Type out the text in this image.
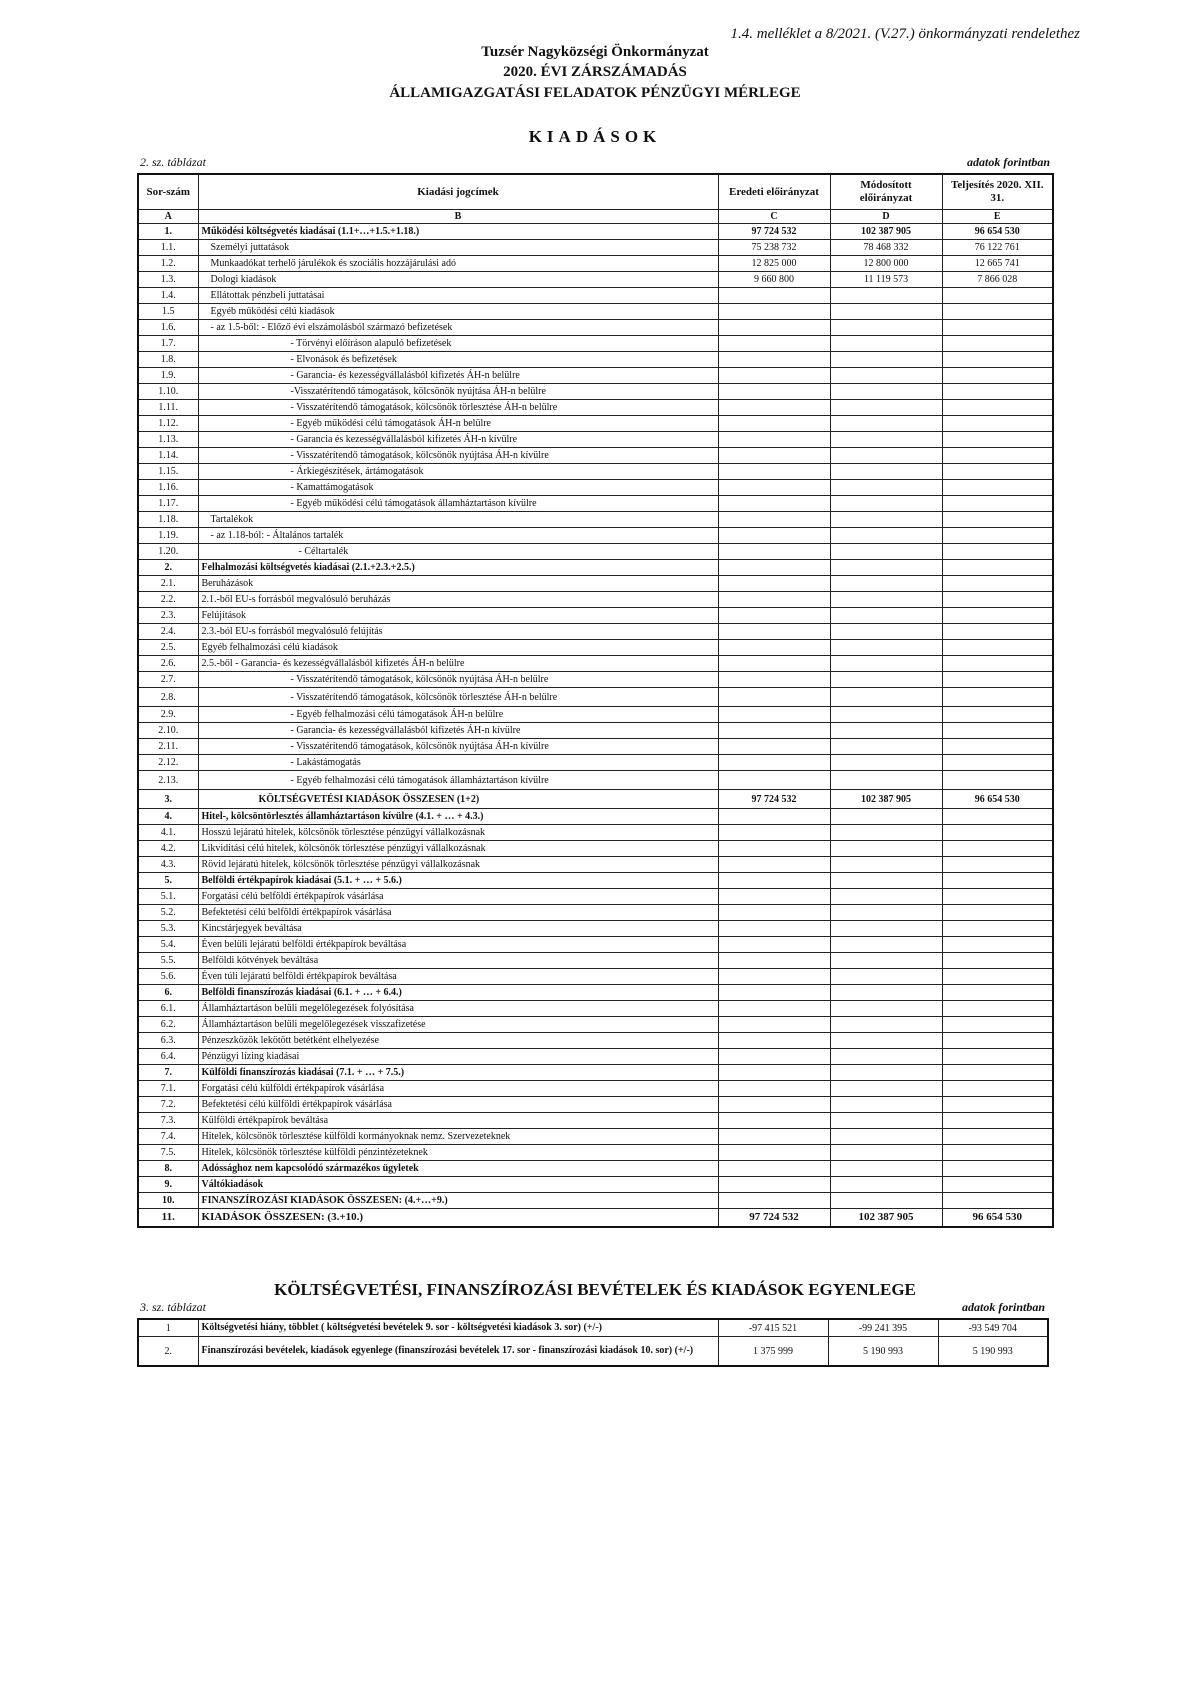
1.4. melléklet a 8/2021. (V.27.) önkormányzati rendelethez
Tuzsér Nagyközségi Önkormányzat
2020. ÉVI ZÁRSZÁMADÁS
ÁLLAMIGAZGATÁSI FELADATOK PÉNZÜGYI MÉRLEGE
KIADÁSOK
2. sz. táblázat	adatok forintban
Sor-szám	Kiadási jogcímek	Eredeti előirányzat	Módosított előirányzat	Teljesítés 2020. XII. 31.
A	B	C	D	E
1.	Működési költségvetés kiadásai (1.1+…+1.5.+1.18.)	97 724 532	102 387 905	96 654 530
1.1.	Személyi juttatások	75 238 732	78 468 332	76 122 761
1.2.	Munkaadókat terhelő járulékok és szociális hozzájárulási adó	12 825 000	12 800 000	12 665 741
1.3.	Dologi kiadások	9 660 800	11 119 573	7 866 028
1.4.	Ellátottak pénzbeli juttatásai			
1.5	Egyéb működési célú kiadások			
1.6.	- az 1.5-ből: - Előző évi elszámolásból származó befizetések			
1.7.	- Törvényi előíráson alapuló befizetések			
1.8.	- Elvonások és befizetések			
1.9.	- Garancia- és kezességvállalásból kifizetés ÁH-n belülre			
1.10.	-Visszatérítendő támogatások, kölcsönök nyújtása ÁH-n belülre			
1.11.	- Visszatérítendő támogatások, kölcsönök törlesztése ÁH-n belülre			
1.12.	- Egyéb működési célú támogatások ÁH-n belülre			
1.13.	- Garancia és kezességvállalásból kifizetés ÁH-n kívülre			
1.14.	- Visszatérítendő támogatások, kölcsönök nyújtása ÁH-n kívülre			
1.15.	- Árkiegészítések, ártámogatások			
1.16.	- Kamattámogatások			
1.17.	- Egyéb működési célú támogatások államháztartáson kívülre			
1.18.	Tartalékok			
1.19.	- az 1.18-ból: - Általános tartalék			
1.20.	- Céltartalék			
2.	Felhalmozási költségvetés kiadásai (2.1.+2.3.+2.5.)			
2.1.	Beruházások			
2.2.	2.1.-ből EU-s forrásból megvalósuló beruházás			
2.3.	Felújítások			
2.4.	2.3.-ból EU-s forrásból megvalósuló felújítás			
2.5.	Egyéb felhalmozási célú kiadások			
2.6.	2.5.-ből - Garancia- és kezességvállalásból kifizetés ÁH-n belülre			
2.7.	- Visszatérítendő támogatások, kölcsönök nyújtása ÁH-n belülre			
2.8.	- Visszatérítendő támogatások, kölcsönök törlesztése ÁH-n belülre			
2.9.	- Egyéb felhalmozási célú támogatások ÁH-n belülre			
2.10.	- Garancia- és kezességvállalásból kifizetés ÁH-n kívülre			
2.11.	- Visszatérítendő támogatások, kölcsönök nyújtása ÁH-n kívülre			
2.12.	- Lakástámogatás			
2.13.	- Egyéb felhalmozási célú támogatások államháztartáson kívülre			
3.	KÖLTSÉGVETÉSI KIADÁSOK ÖSSZESEN (1+2)	97 724 532	102 387 905	96 654 530
4.	Hitel-, kölcsöntörlesztés államháztartáson kívülre (4.1. + … + 4.3.)			
4.1.	Hosszú lejáratú hitelek, kölcsönök törlesztése pénzügyi vállalkozásnak			
4.2.	Likviditási célú hitelek, kölcsönök törlesztése pénzügyi vállalkozásnak			
4.3.	Rövid lejáratú hitelek, kölcsönök törlesztése pénzügyi vállalkozásnak			
5.	Belföldi értékpapírok kiadásai (5.1. + … + 5.6.)			
5.1.	Forgatási célú belföldi értékpapírok vásárlása			
5.2.	Befektetési célú belföldi értékpapírok vásárlása			
5.3.	Kincstárjegyek beváltása			
5.4.	Éven belüli lejáratú belföldi értékpapírok beváltása			
5.5.	Belföldi kötvények beváltása			
5.6.	Éven túli lejáratú belföldi értékpapírok beváltása			
6.	Belföldi finanszírozás kiadásai (6.1. + … + 6.4.)			
6.1.	Államháztartáson belüli megelőlegezések folyósítása			
6.2.	Államháztartáson belüli megelőlegezések visszafizetése			
6.3.	Pénzeszközök lekötött betétként elhelyezése			
6.4.	Pénzügyi lízing kiadásai			
7.	Külföldi finanszírozás kiadásai (7.1. + … + 7.5.)			
7.1.	Forgatási célú külföldi értékpapírok vásárlása			
7.2.	Befektetési célú külföldi értékpapírok vásárlása			
7.3.	Külföldi értékpapírok beváltása			
7.4.	Hitelek, kölcsönök törlesztése külföldi kormányoknak nemz. Szervezeteknek			
7.5.	Hitelek, kölcsönök törlesztése külföldi pénzintézeteknek			
8.	Adóssághoz nem kapcsolódó származékos ügyletek			
9.	Váltókiadások			
10.	FINANSZÍROZÁSI KIADÁSOK ÖSSZESEN: (4.+…+9.)			
11.	KIADÁSOK ÖSSZESEN: (3.+10.)	97 724 532	102 387 905	96 654 530
KÖLTSÉGVETÉSI, FINANSZÍROZÁSI BEVÉTELEK ÉS KIADÁSOK EGYENLEGE
3. sz. táblázat	adatok forintban
1	Költségvetési hiány, többlet ( költségvetési bevételek 9. sor - költségvetési kiadások 3. sor) (+/-)	-97 415 521	-99 241 395	-93 549 704
2.	Finanszírozási bevételek, kiadások egyenlege (finanszírozási bevételek 17. sor - finanszírozási kiadások 10. sor) (+/-)	1 375 999	5 190 993	5 190 993
